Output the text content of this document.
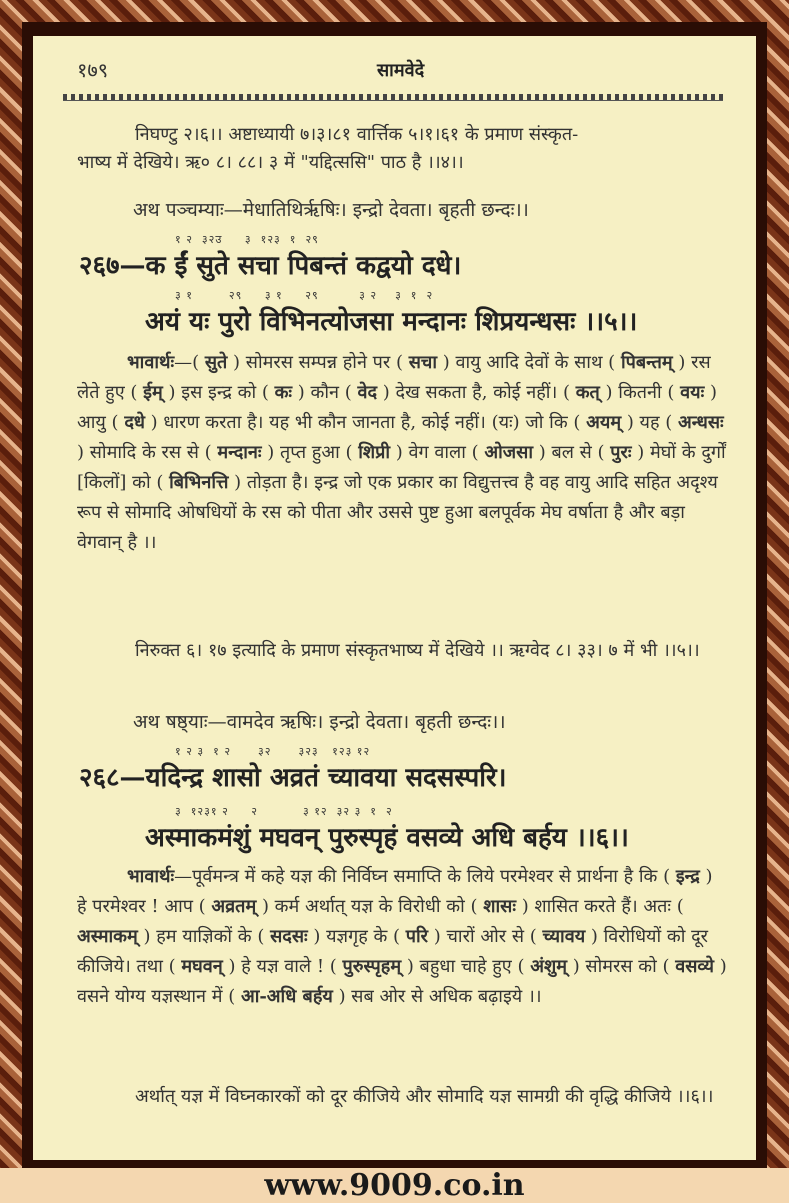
१७९	सामवेदे
निघण्टु २।६।। अष्टाध्यायी ७।३।८१ वार्त्तिक ५।१।६१ के प्रमाण संस्कृत-
भाष्य में देखिये। ऋ० ८। ८८। ३ में "यद्दित्ससि" पाठ है ।।४।।
अथ पञ्चम्याः—मेधातिथिर्ऋषिः। इन्द्रो देवता। बृहती छन्दः।।
१ २  ३२उ     ३  १२३  १  २९
२६७—क ईं सुते सचा पिबन्तं कद्वयो दधे।
३ १        २९     ३ १     २९         ३ २    ३  १  २
अयं यः पुरो विभिनत्योजसा मन्दानः शिप्रयन्धसः ।।५।।
भावार्थः—( सुते ) सोमरस सम्पन्न होने पर ( सचा ) वायु आदि देवों के साथ ( पिबन्तम् ) रस लेते हुए ( ईम् ) इस इन्द्र को ( कः ) कौन ( वेद ) देख सकता है, कोई नहीं। ( कत् ) कितनी ( वयः ) आयु ( दधे ) धारण करता है। यह भी कौन जानता है, कोई नहीं। (यः) जो कि ( अयम् ) यह ( अन्धसः ) सोमादि के रस से ( मन्दानः ) तृप्त हुआ ( शिप्री ) वेग वाला ( ओजसा ) बल से ( पुरः ) मेघों के दुर्गों [किलों] को ( बिभिनत्ति ) तोड़ता है। इन्द्र जो एक प्रकार का विद्युत्तत्त्व है वह वायु आदि सहित अदृश्य रूप से सोमादि ओषधियों के रस को पीता और उससे पुष्ट हुआ बलपूर्वक मेघ वर्षाता है और बड़ा वेगवान् है ।।
निरुक्त ६। १७ इत्यादि के प्रमाण संस्कृतभाष्य में देखिये ।। ऋग्वेद ८। ३३। ७ में भी ।।५।।
अथ षष्ठ्याः—वामदेव ऋषिः। इन्द्रो देवता। बृहती छन्दः।।
१ २ ३  १ २      ३२      ३२३   १२३ १२
२६८—यदिन्द्र शासो अव्रतं च्यावया सदसस्परि।
३  १२३१ २     २          ३ १२  ३२ ३  १  २
अस्माकमंशुं मघवन् पुरुस्पृहं वसव्ये अधि बर्हय ।।६।।
भावार्थः—पूर्वमन्त्र में कहे यज्ञ की निर्विघ्न समाप्ति के लिये परमेश्वर से प्रार्थना है कि ( इन्द्र ) हे परमेश्वर ! आप ( अव्रतम् ) कर्म अर्थात् यज्ञ के विरोधी को ( शासः ) शासित करते हैं। अतः ( अस्माकम् ) हम याज्ञिकों के ( सदसः ) यज्ञगृह के ( परि ) चारों ओर से ( च्यावय ) विरोधियों को दूर कीजिये। तथा ( मघवन् ) हे यज्ञ वाले ! ( पुरुस्पृहम् ) बहुधा चाहे हुए ( अंशुम् ) सोमरस को ( वसव्ये ) वसने योग्य यज्ञस्थान में ( आ-अधि बर्हय ) सब ओर से अधिक बढ़ाइये ।।
अर्थात् यज्ञ में विघ्नकारकों को दूर कीजिये और सोमादि यज्ञ सामग्री की वृद्धि कीजिये ।।६।।
www.9009.co.in
